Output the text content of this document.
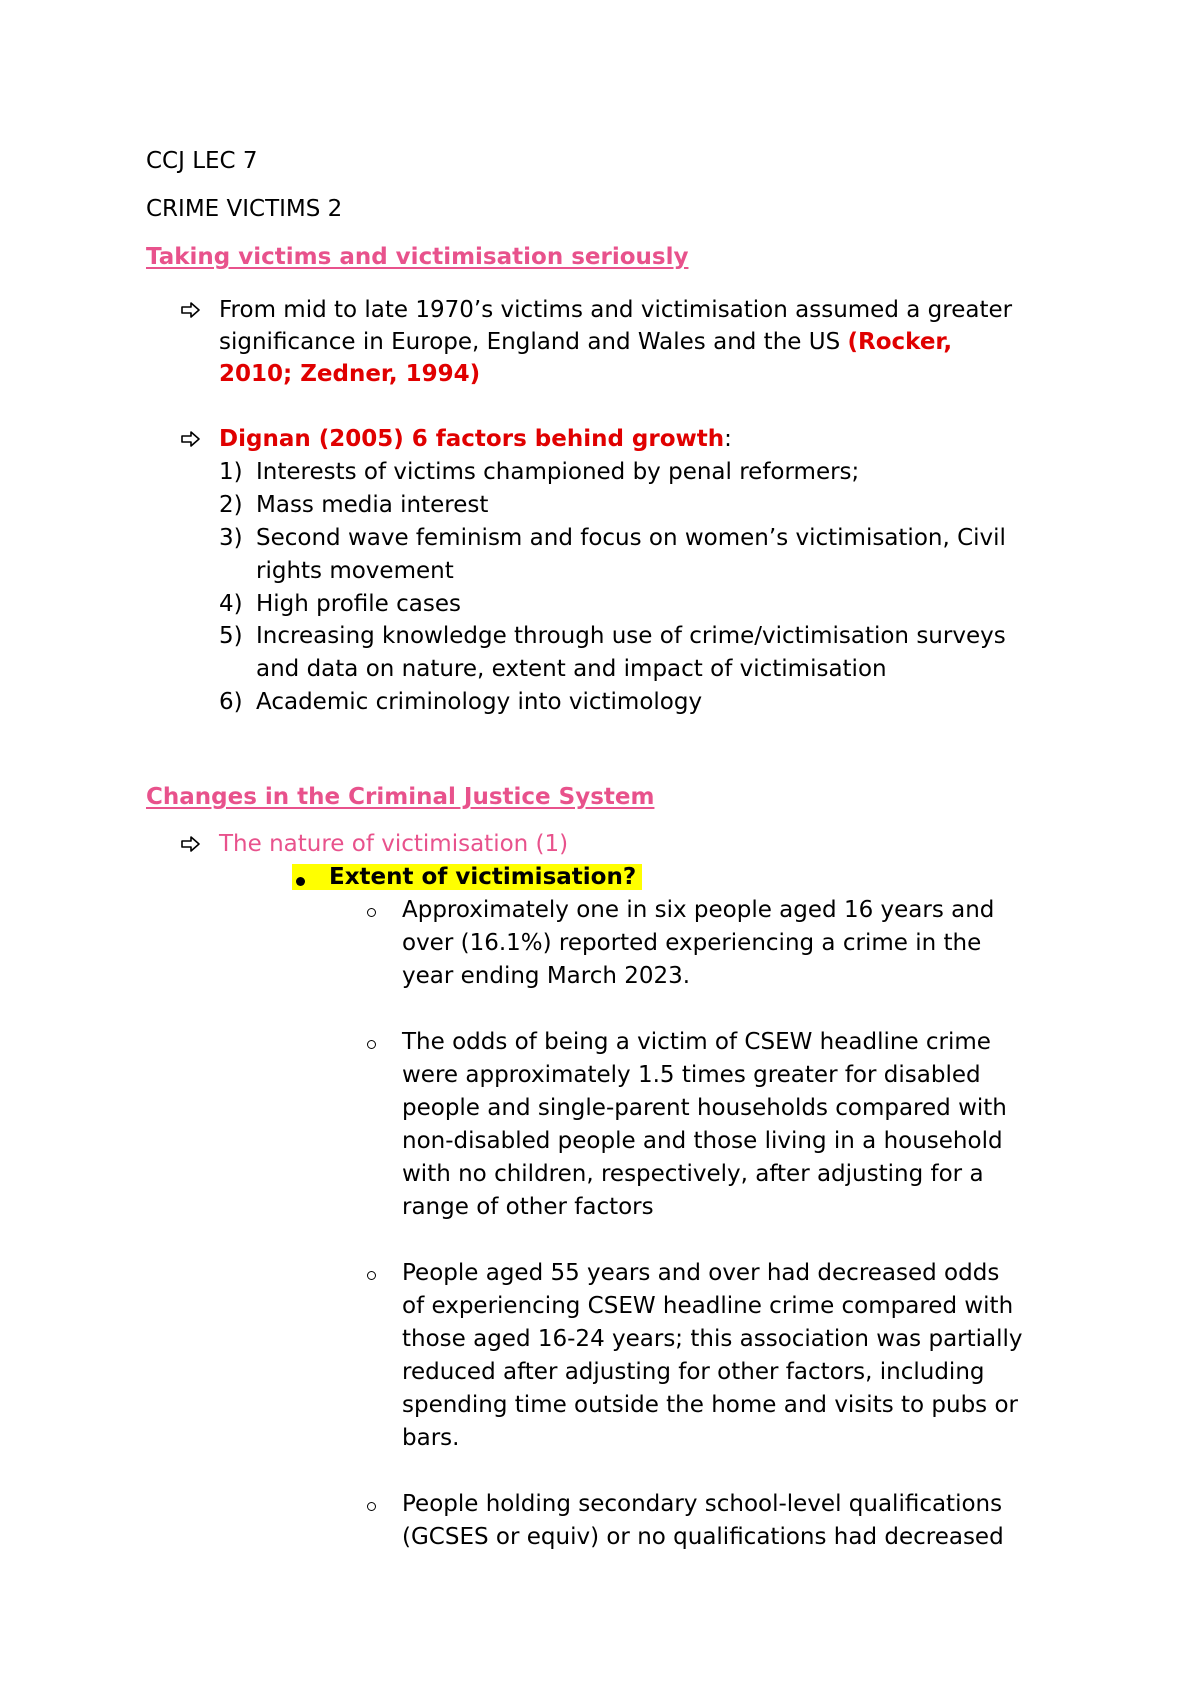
CCJ LEC 7
CRIME VICTIMS 2
Taking victims and victimisation seriously
From mid to late 1970’s victims and victimisation assumed a greater
significance in Europe, England and Wales and the US (Rocker,
2010; Zedner, 1994)
Dignan (2005) 6 factors behind growth:
1) Interests of victims championed by penal reformers;
2) Mass media interest
3) Second wave feminism and focus on women’s victimisation, Civil
rights movement
4) High profile cases
5) Increasing knowledge through use of crime/victimisation surveys
and data on nature, extent and impact of victimisation
6) Academic criminology into victimology
Changes in the Criminal Justice System
The nature of victimisation (1)
Extent of victimisation?
Approximately one in six people aged 16 years and
over (16.1%) reported experiencing a crime in the
year ending March 2023.
The odds of being a victim of CSEW headline crime
were approximately 1.5 times greater for disabled
people and single-parent households compared with
non-disabled people and those living in a household
with no children, respectively, after adjusting for a
range of other factors
People aged 55 years and over had decreased odds
of experiencing CSEW headline crime compared with
those aged 16-24 years; this association was partially
reduced after adjusting for other factors, including
spending time outside the home and visits to pubs or
bars.
People holding secondary school-level qualifications
(GCSES or equiv) or no qualifications had decreased
